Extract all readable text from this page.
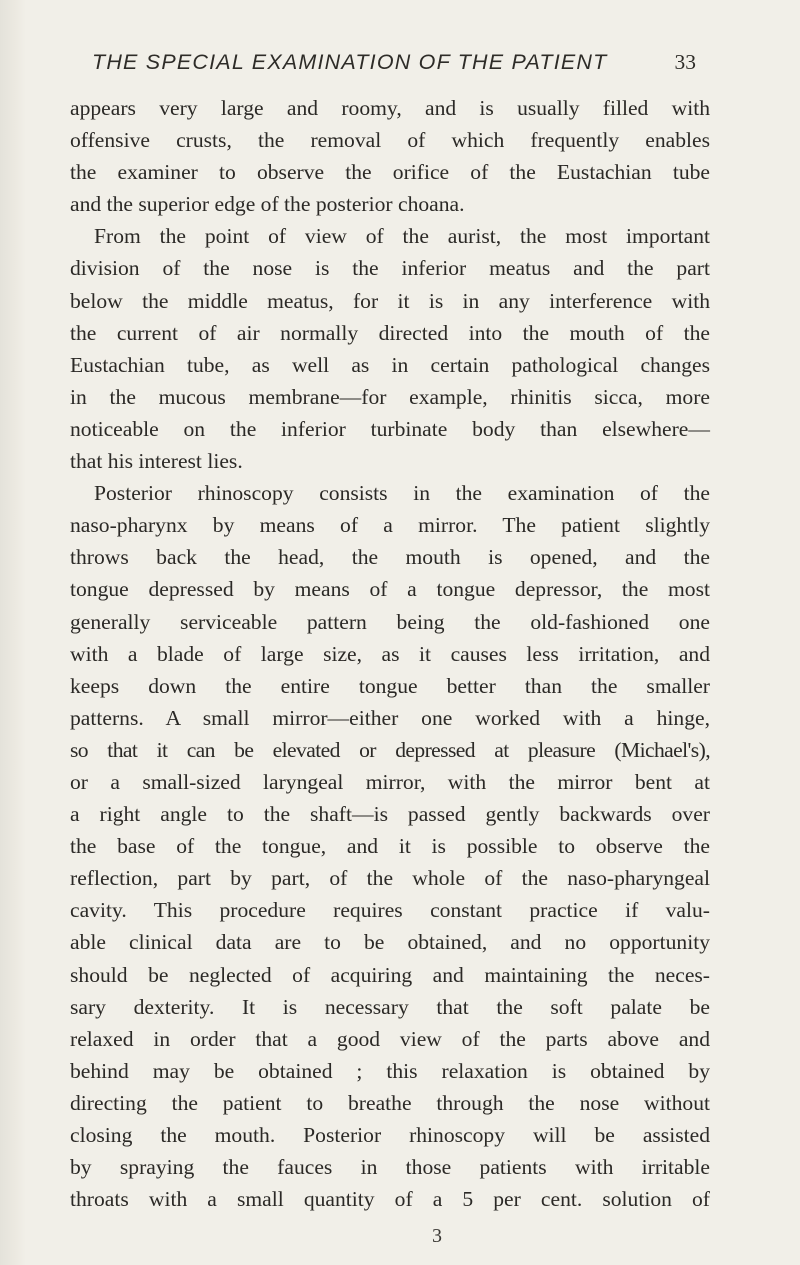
THE SPECIAL EXAMINATION OF THE PATIENT	33
appears very large and roomy, and is usually filled with
offensive crusts, the removal of which frequently enables
the examiner to observe the orifice of the Eustachian tube
and the superior edge of the posterior choana.
From the point of view of the aurist, the most important
division of the nose is the inferior meatus and the part
below the middle meatus, for it is in any interference with
the current of air normally directed into the mouth of the
Eustachian tube, as well as in certain pathological changes
in the mucous membrane—for example, rhinitis sicca, more
noticeable on the inferior turbinate body than elsewhere—
that his interest lies.
Posterior rhinoscopy consists in the examination of the
naso-pharynx by means of a mirror. The patient slightly
throws back the head, the mouth is opened, and the
tongue depressed by means of a tongue depressor, the most
generally serviceable pattern being the old-fashioned one
with a blade of large size, as it causes less irritation, and
keeps down the entire tongue better than the smaller
patterns. A small mirror—either one worked with a hinge,
so that it can be elevated or depressed at pleasure (Michael's),
or a small-sized laryngeal mirror, with the mirror bent at
a right angle to the shaft—is passed gently backwards over
the base of the tongue, and it is possible to observe the
reflection, part by part, of the whole of the naso-pharyngeal
cavity. This procedure requires constant practice if valu-
able clinical data are to be obtained, and no opportunity
should be neglected of acquiring and maintaining the neces-
sary dexterity. It is necessary that the soft palate be
relaxed in order that a good view of the parts above and
behind may be obtained ; this relaxation is obtained by
directing the patient to breathe through the nose without
closing the mouth. Posterior rhinoscopy will be assisted
by spraying the fauces in those patients with irritable
throats with a small quantity of a 5 per cent. solution of
3
